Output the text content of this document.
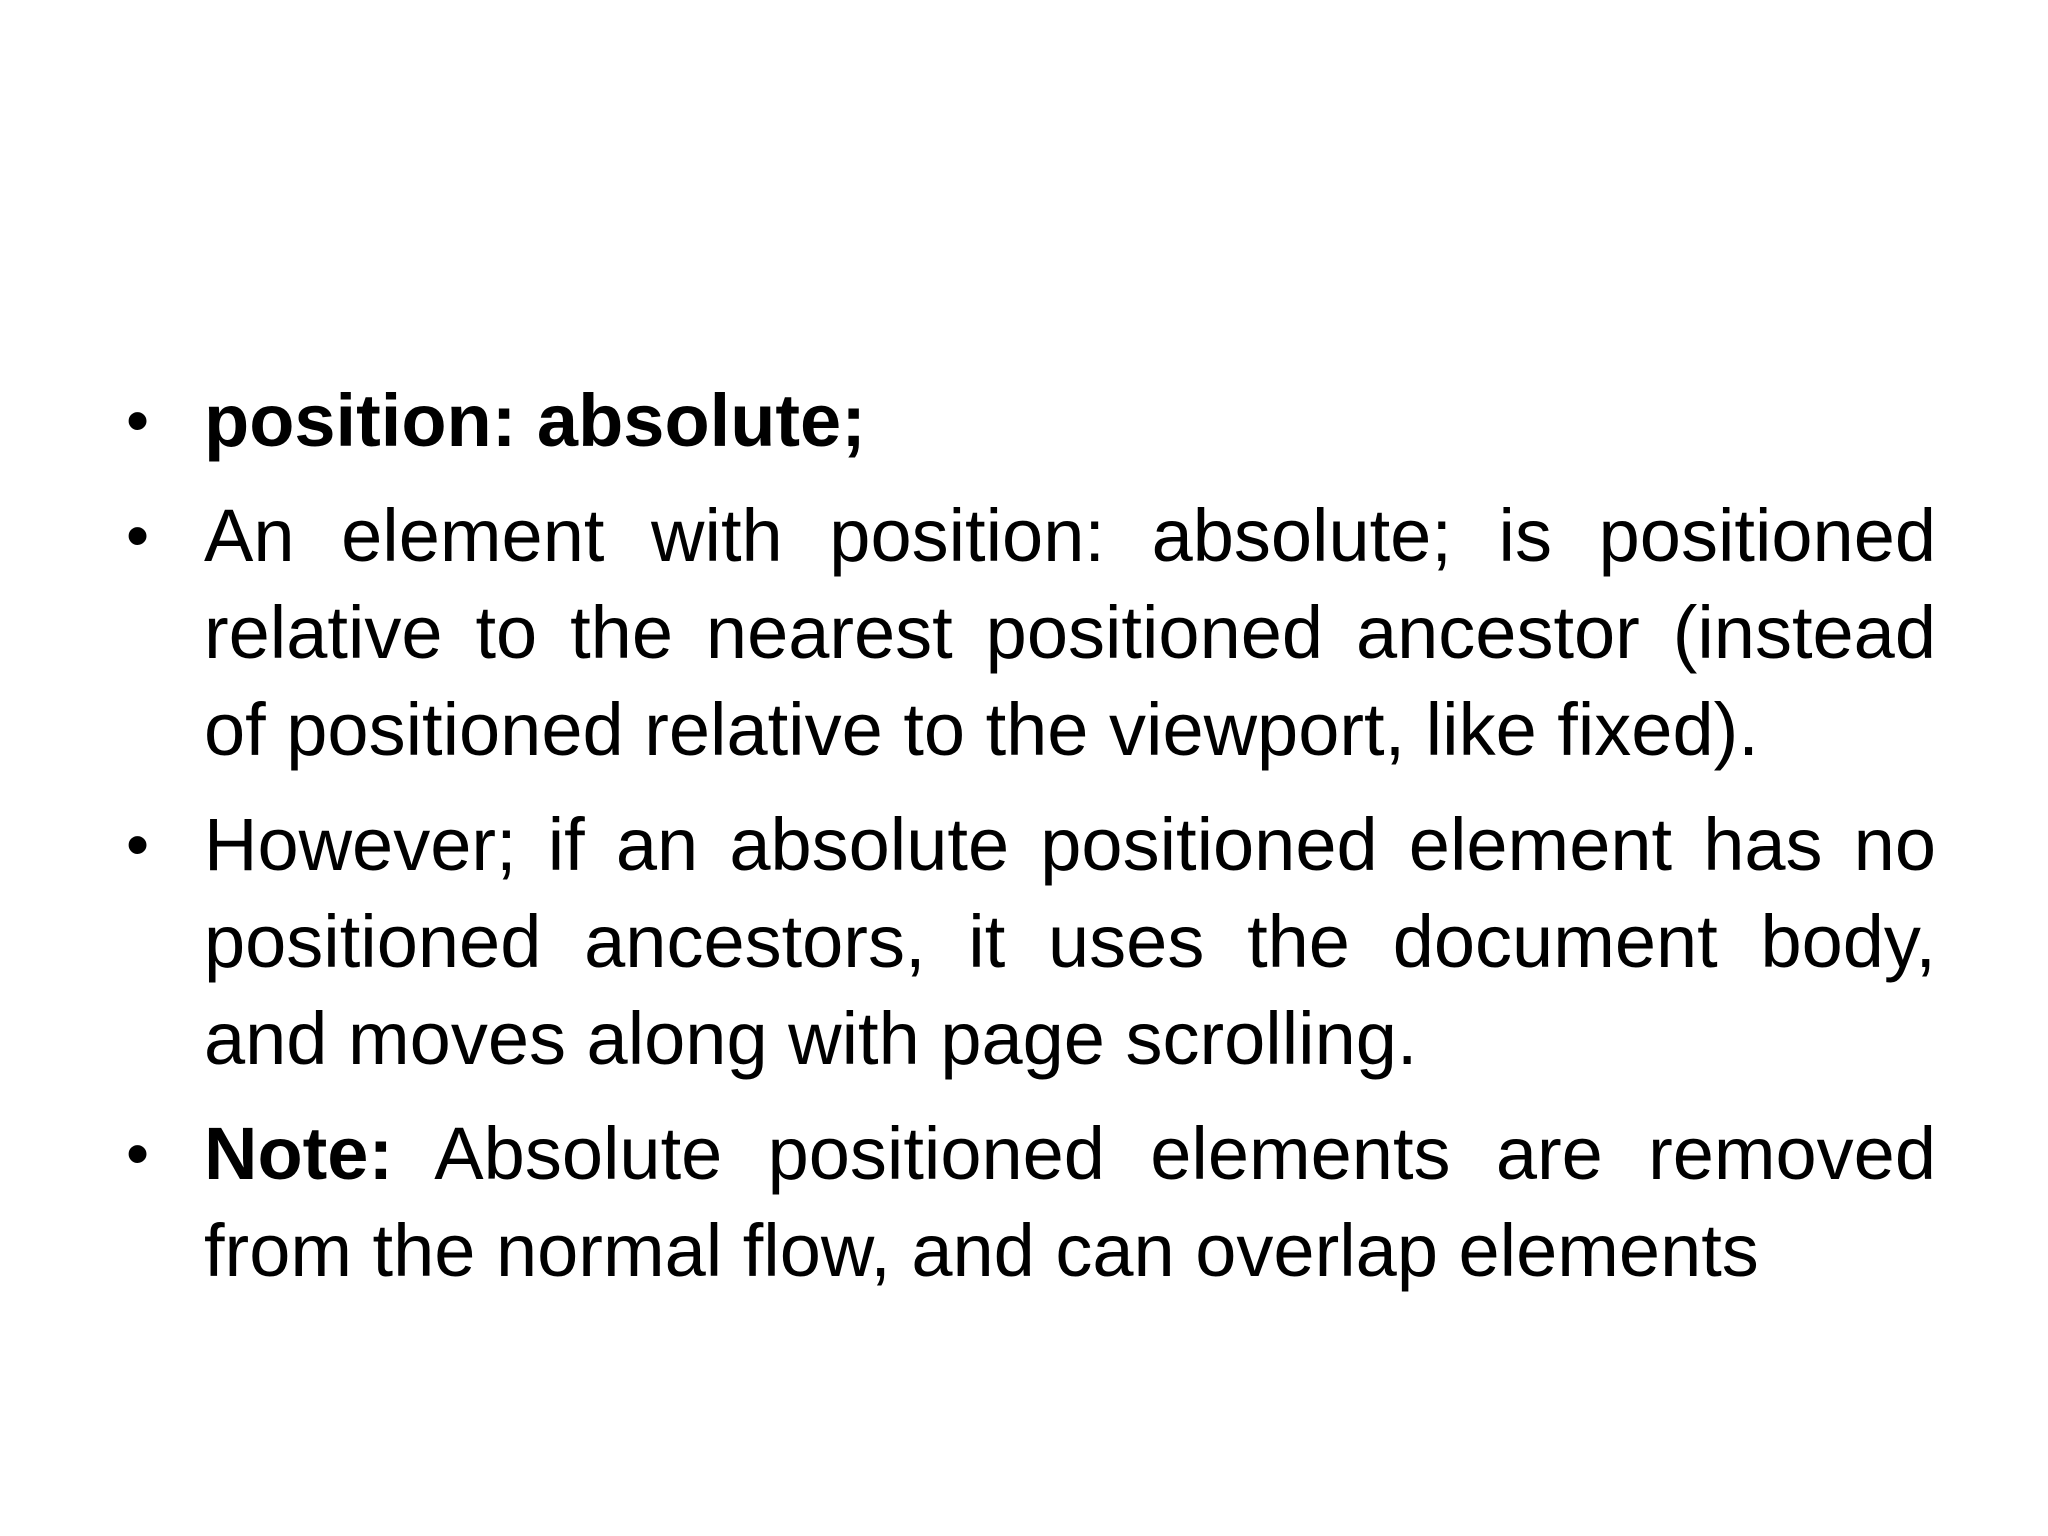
• position: absolute;
• An element with position: absolute; is positioned relative to the nearest positioned ancestor (instead of positioned relative to the viewport, like fixed).
• However; if an absolute positioned element has no positioned ancestors, it uses the document body, and moves along with page scrolling.
• Note: Absolute positioned elements are removed from the normal flow, and can overlap elements
